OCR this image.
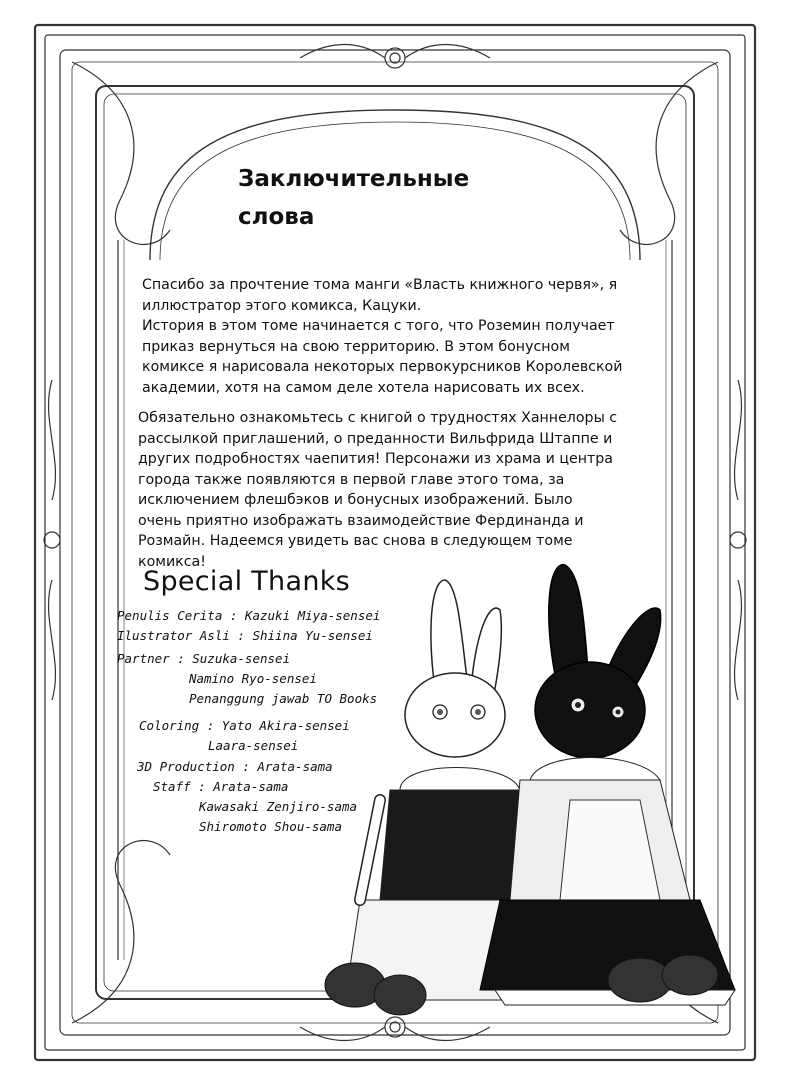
Заключительные
слова
Спасибо за прочтение тома манги «Власть книжного червя», я
иллюстратор этого комикса, Кацуки.
История в этом томе начинается с того, что Роземин получает
приказ вернуться на свою территорию. В этом бонусном
комиксе я нарисовала некоторых первокурсников Королевской
академии, хотя на самом деле хотела нарисовать их всех.
Обязательно ознакомьтесь с книгой о трудностях Ханнелоры с
рассылкой приглашений, о преданности Вильфрида Штаппе и
других подробностях чаепития! Персонажи из храма и центра
города также появляются в первой главе этого тома, за
исключением флешбэков и бонусных изображений. Было
очень приятно изображать взаимодействие Фердинанда и
Розмайн. Надеемся увидеть вас снова в следующем томе
комикса!
Special Thanks
Penulis Cerita : Kazuki Miya-sensei
Ilustrator Asli : Shiina Yu-sensei
Partner : Suzuka-sensei
Namino Ryo-sensei
Penanggung jawab TO Books
Coloring : Yato Akira-sensei
Laara-sensei
3D Production : Arata-sama
Staff : Arata-sama
Kawasaki Zenjiro-sama
Shiromoto Shou-sama
